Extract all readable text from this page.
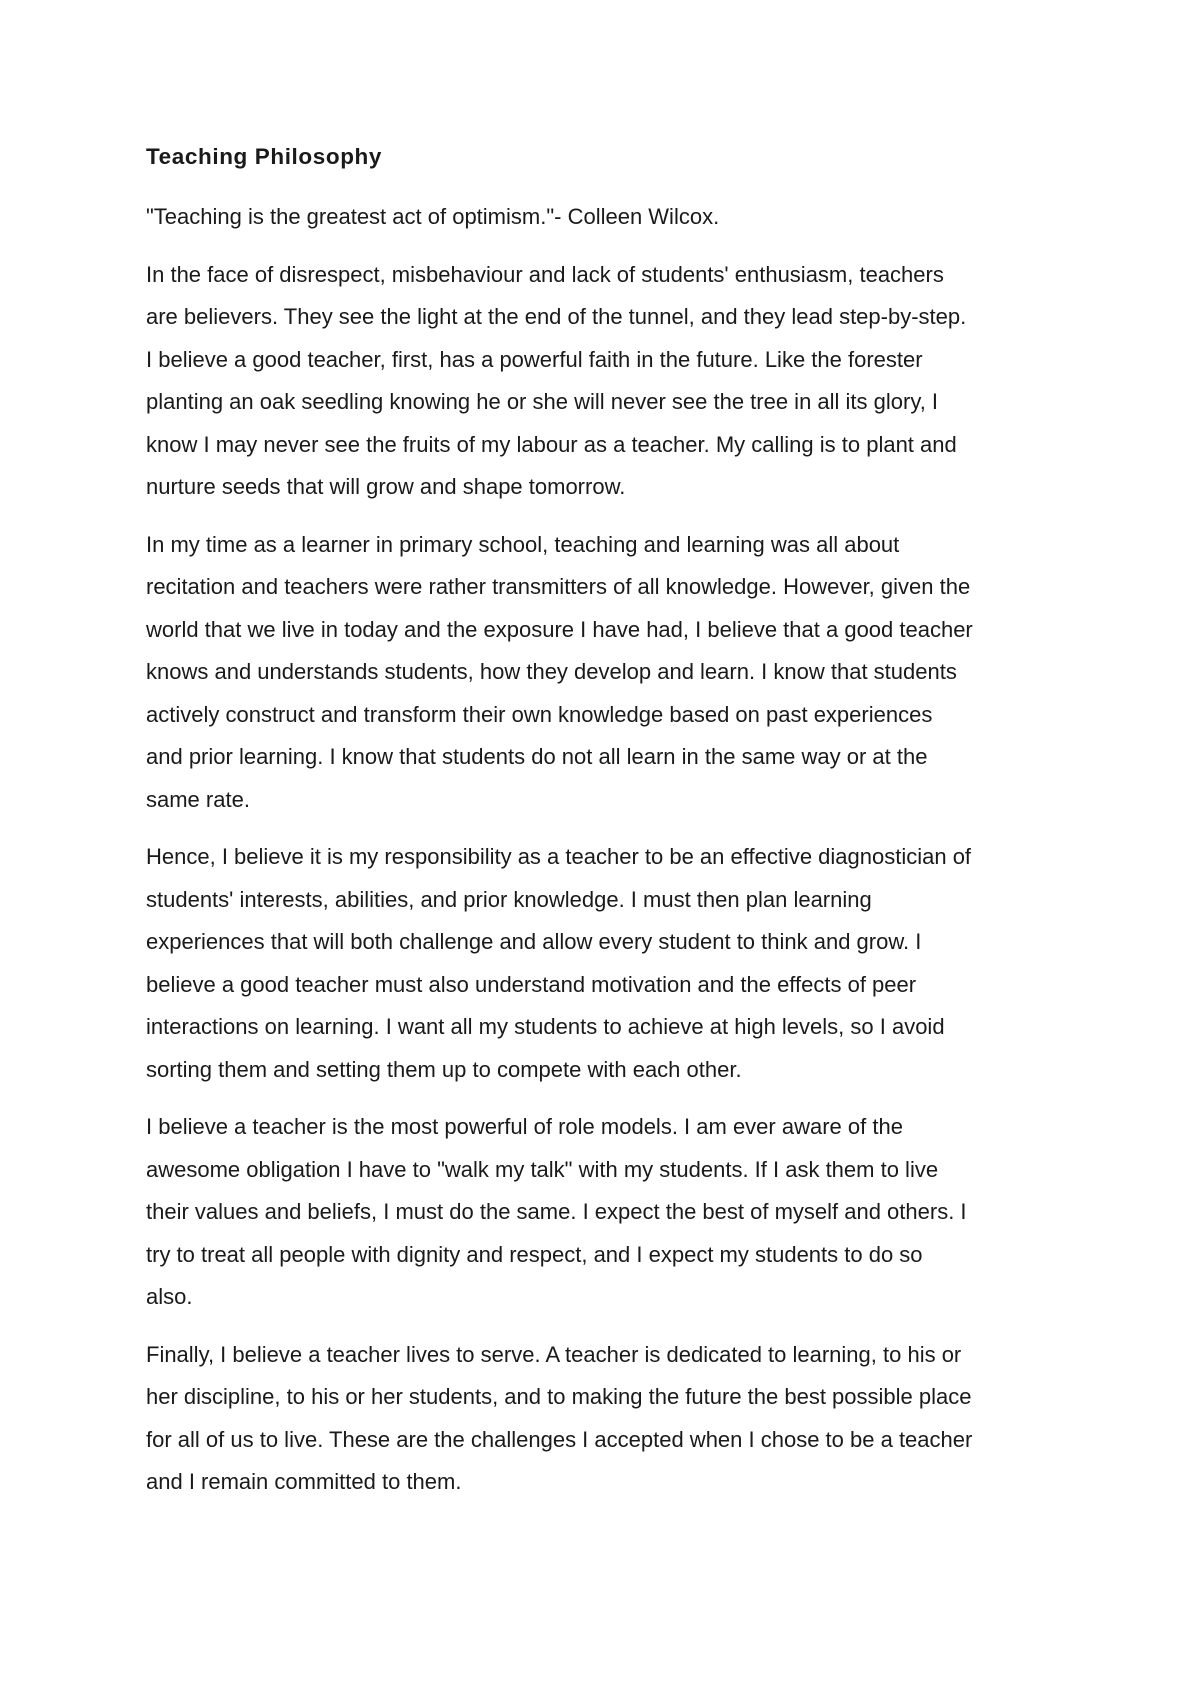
Teaching Philosophy

"Teaching is the greatest act of optimism."- Colleen Wilcox.

In the face of disrespect, misbehaviour and lack of students' enthusiasm, teachers
are believers. They see the light at the end of the tunnel, and they lead step-by-step.
I believe a good teacher, first, has a powerful faith in the future. Like the forester
planting an oak seedling knowing he or she will never see the tree in all its glory, I
know I may never see the fruits of my labour as a teacher. My calling is to plant and
nurture seeds that will grow and shape tomorrow.

In my time as a learner in primary school, teaching and learning was all about
recitation and teachers were rather transmitters of all knowledge. However, given the
world that we live in today and the exposure I have had, I believe that a good teacher
knows and understands students, how they develop and learn. I know that students
actively construct and transform their own knowledge based on past experiences
and prior learning. I know that students do not all learn in the same way or at the
same rate.

Hence, I believe it is my responsibility as a teacher to be an effective diagnostician of
students' interests, abilities, and prior knowledge. I must then plan learning
experiences that will both challenge and allow every student to think and grow. I
believe a good teacher must also understand motivation and the effects of peer
interactions on learning. I want all my students to achieve at high levels, so I avoid
sorting them and setting them up to compete with each other.

I believe a teacher is the most powerful of role models. I am ever aware of the
awesome obligation I have to "walk my talk" with my students. If I ask them to live
their values and beliefs, I must do the same. I expect the best of myself and others. I
try to treat all people with dignity and respect, and I expect my students to do so
also.

Finally, I believe a teacher lives to serve. A teacher is dedicated to learning, to his or
her discipline, to his or her students, and to making the future the best possible place
for all of us to live. These are the challenges I accepted when I chose to be a teacher
and I remain committed to them.
